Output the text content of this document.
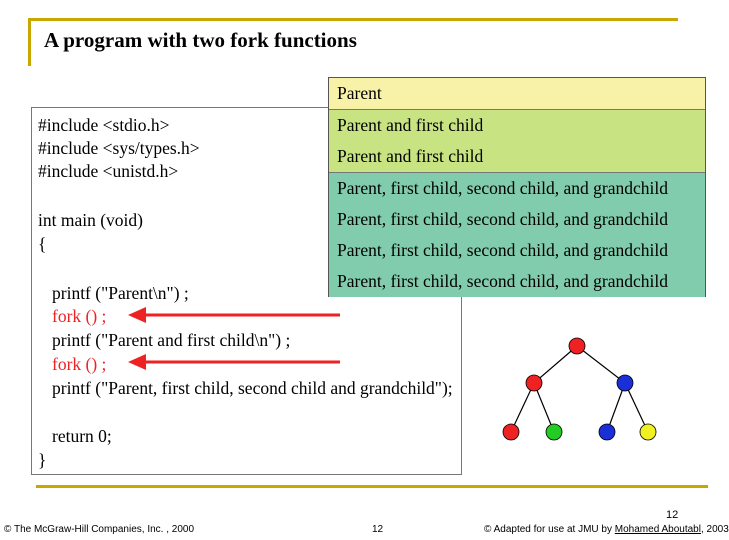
A program with two fork functions
#include <stdio.h>
#include <sys/types.h>
#include <unistd.h>
int main (void)
{
printf ("Parent\n") ;
fork () ;
printf ("Parent and first child\n") ;
fork () ;
printf ("Parent, first child, second child and grandchild");
return 0;
}
Parent
Parent and first child
Parent and first child
Parent, first child, second child, and grandchild
Parent, first child, second child, and grandchild
Parent, first child, second child, and grandchild
Parent, first child, second child, and grandchild
© The McGraw-Hill Companies, Inc. , 2000	12
12
© Adapted for use at JMU by Mohamed Aboutabl, 2003
